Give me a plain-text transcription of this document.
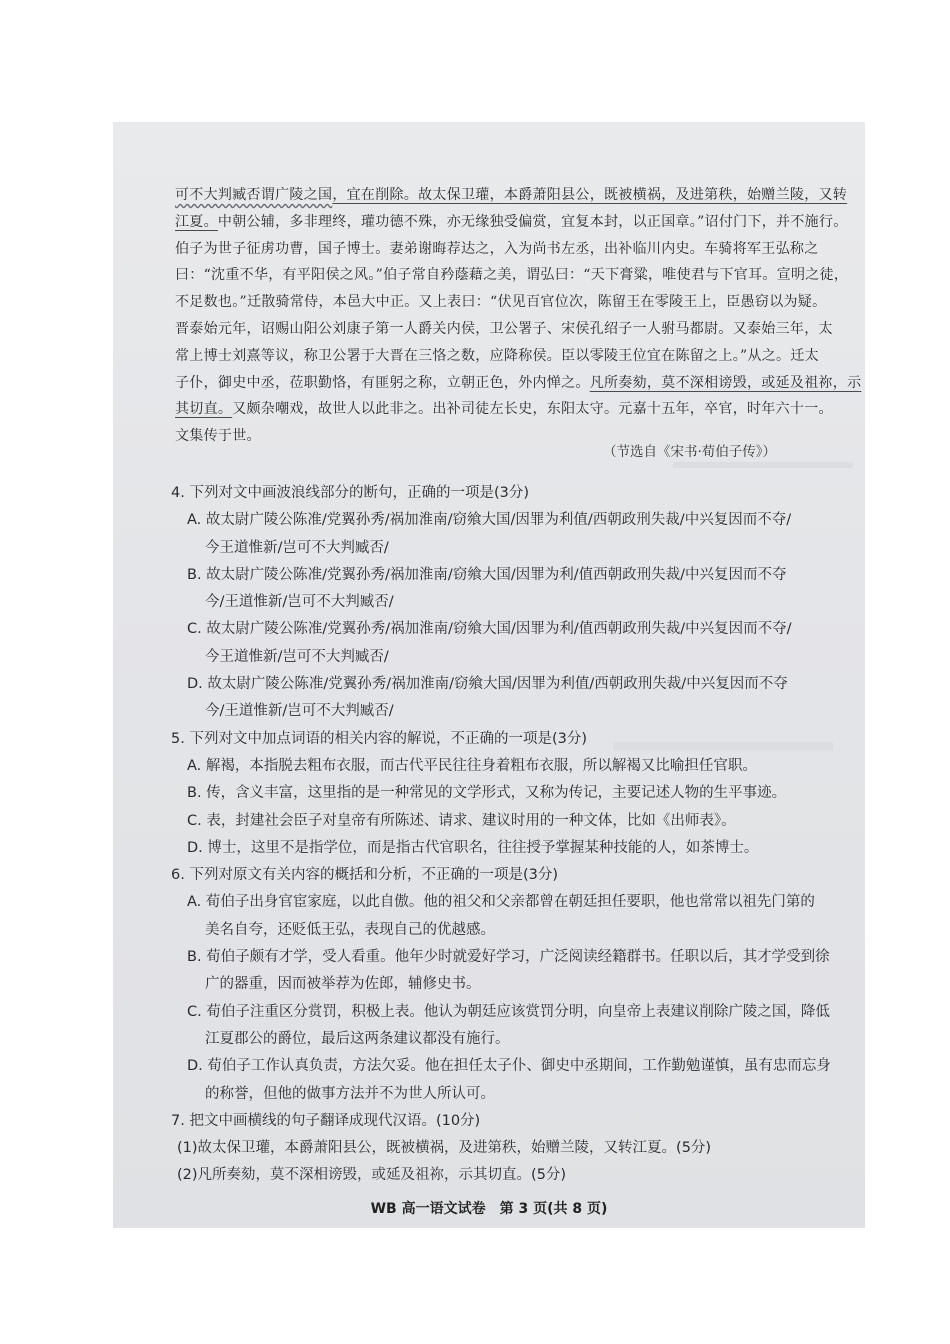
可不大判臧否谓广陵之国，宜在削除。故太保卫瓘，本爵萧阳县公，既被横祸，及进第秩，始赠兰陵，又转
江夏。中朝公辅，多非理终，瓘功德不殊，亦无缘独受偏赏，宜复本封，以正国章。”诏付门下，并不施行。
伯子为世子征虏功曹，国子博士。妻弟谢晦荐达之，入为尚书左丞，出补临川内史。车骑将军王弘称之
曰：“沈重不华，有平阳侯之风。”伯子常自矜蔭藉之美，谓弘曰：“天下膏粱，唯使君与下官耳。宣明之徒，
不足数也。”迁散骑常侍，本邑大中正。又上表曰：“伏见百官位次，陈留王在零陵王上，臣愚窃以为疑。
晋泰始元年，诏赐山阳公刘康子第一人爵关内侯，卫公署子、宋侯孔绍子一人驸马都尉。又泰始三年，太
常上博士刘熹等议，称卫公署于大晋在三恪之数，应降称侯。臣以零陵王位宜在陈留之上。”从之。迁太
子仆，御史中丞，莅职勤恪，有匪躬之称，立朝正色，外内惮之。凡所奏劾，莫不深相谤毁，或延及祖祢，示
其切直。又颇杂嘲戏，故世人以此非之。出补司徒左长史，东阳太守。元嘉十五年，卒官，时年六十一。
文集传于世。
（节选自《宋书·荀伯子传》）
4. 下列对文中画波浪线部分的断句，正确的一项是(3分)
A. 故太尉广陵公陈准/党翼孙秀/祸加淮南/窃飨大国/因罪为利值/西朝政刑失裁/中兴复因而不夺/
今王道惟新/岂可不大判臧否/
B. 故太尉广陵公陈准/党翼孙秀/祸加淮南/窃飨大国/因罪为利/值西朝政刑失裁/中兴复因而不夺
今/王道惟新/岂可不大判臧否/
C. 故太尉广陵公陈准/党翼孙秀/祸加淮南/窃飨大国/因罪为利/值西朝政刑失裁/中兴复因而不夺/
今王道惟新/岂可不大判臧否/
D. 故太尉广陵公陈准/党翼孙秀/祸加淮南/窃飨大国/因罪为利值/西朝政刑失裁/中兴复因而不夺
今/王道惟新/岂可不大判臧否/
5. 下列对文中加点词语的相关内容的解说，不正确的一项是(3分)
A. 解褐，本指脱去粗布衣服，而古代平民往往身着粗布衣服，所以解褐又比喻担任官职。
B. 传，含义丰富，这里指的是一种常见的文学形式，又称为传记，主要记述人物的生平事迹。
C. 表，封建社会臣子对皇帝有所陈述、请求、建议时用的一种文体，比如《出师表》。
D. 博士，这里不是指学位，而是指古代官职名，往往授予掌握某种技能的人，如茶博士。
6. 下列对原文有关内容的概括和分析，不正确的一项是(3分)
A. 荀伯子出身官宦家庭，以此自傲。他的祖父和父亲都曾在朝廷担任要职，他也常常以祖先门第的
美名自夸，还贬低王弘，表现自己的优越感。
B. 荀伯子颇有才学，受人看重。他年少时就爱好学习，广泛阅读经籍群书。任职以后，其才学受到徐
广的器重，因而被举荐为佐郎，辅修史书。
C. 荀伯子注重区分赏罚，积极上表。他认为朝廷应该赏罚分明，向皇帝上表建议削除广陵之国，降低
江夏郡公的爵位，最后这两条建议都没有施行。
D. 荀伯子工作认真负责，方法欠妥。他在担任太子仆、御史中丞期间，工作勤勉谨慎，虽有忠而忘身
的称誉，但他的做事方法并不为世人所认可。
7. 把文中画横线的句子翻译成现代汉语。(10分)
(1)故太保卫瓘，本爵萧阳县公，既被横祸，及进第秩，始赠兰陵，又转江夏。(5分)
(2)凡所奏劾，莫不深相谤毁，或延及祖祢，示其切直。(5分)
WB 高一语文试卷　第 3 页(共 8 页)
